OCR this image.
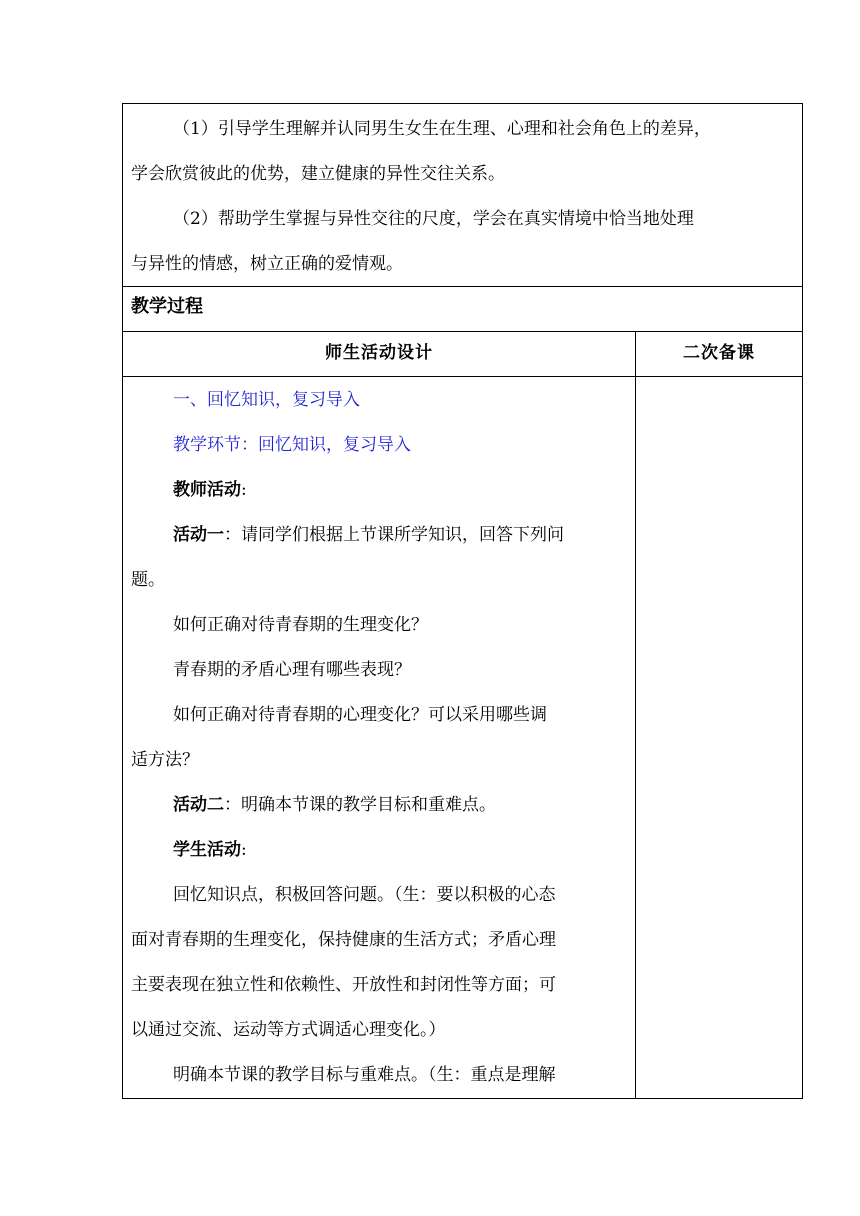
（1）引导学生理解并认同男生女生在生理、心理和社会角色上的差异，
学会欣赏彼此的优势，建立健康的异性交往关系。
（2）帮助学生掌握与异性交往的尺度，学会在真实情境中恰当地处理
与异性的情感，树立正确的爱情观。
教学过程
师生活动设计	二次备课
一、回忆知识，复习导入
教学环节：回忆知识，复习导入
教师活动:
活动一：请同学们根据上节课所学知识，回答下列问
题。
如何正确对待青春期的生理变化？
青春期的矛盾心理有哪些表现？
如何正确对待青春期的心理变化？可以采用哪些调
适方法？
活动二：明确本节课的教学目标和重难点。
学生活动:
回忆知识点，积极回答问题。（生：要以积极的心态
面对青春期的生理变化，保持健康的生活方式；矛盾心理
主要表现在独立性和依赖性、开放性和封闭性等方面；可
以通过交流、运动等方式调适心理变化。）
明确本节课的教学目标与重难点。（生：重点是理解
